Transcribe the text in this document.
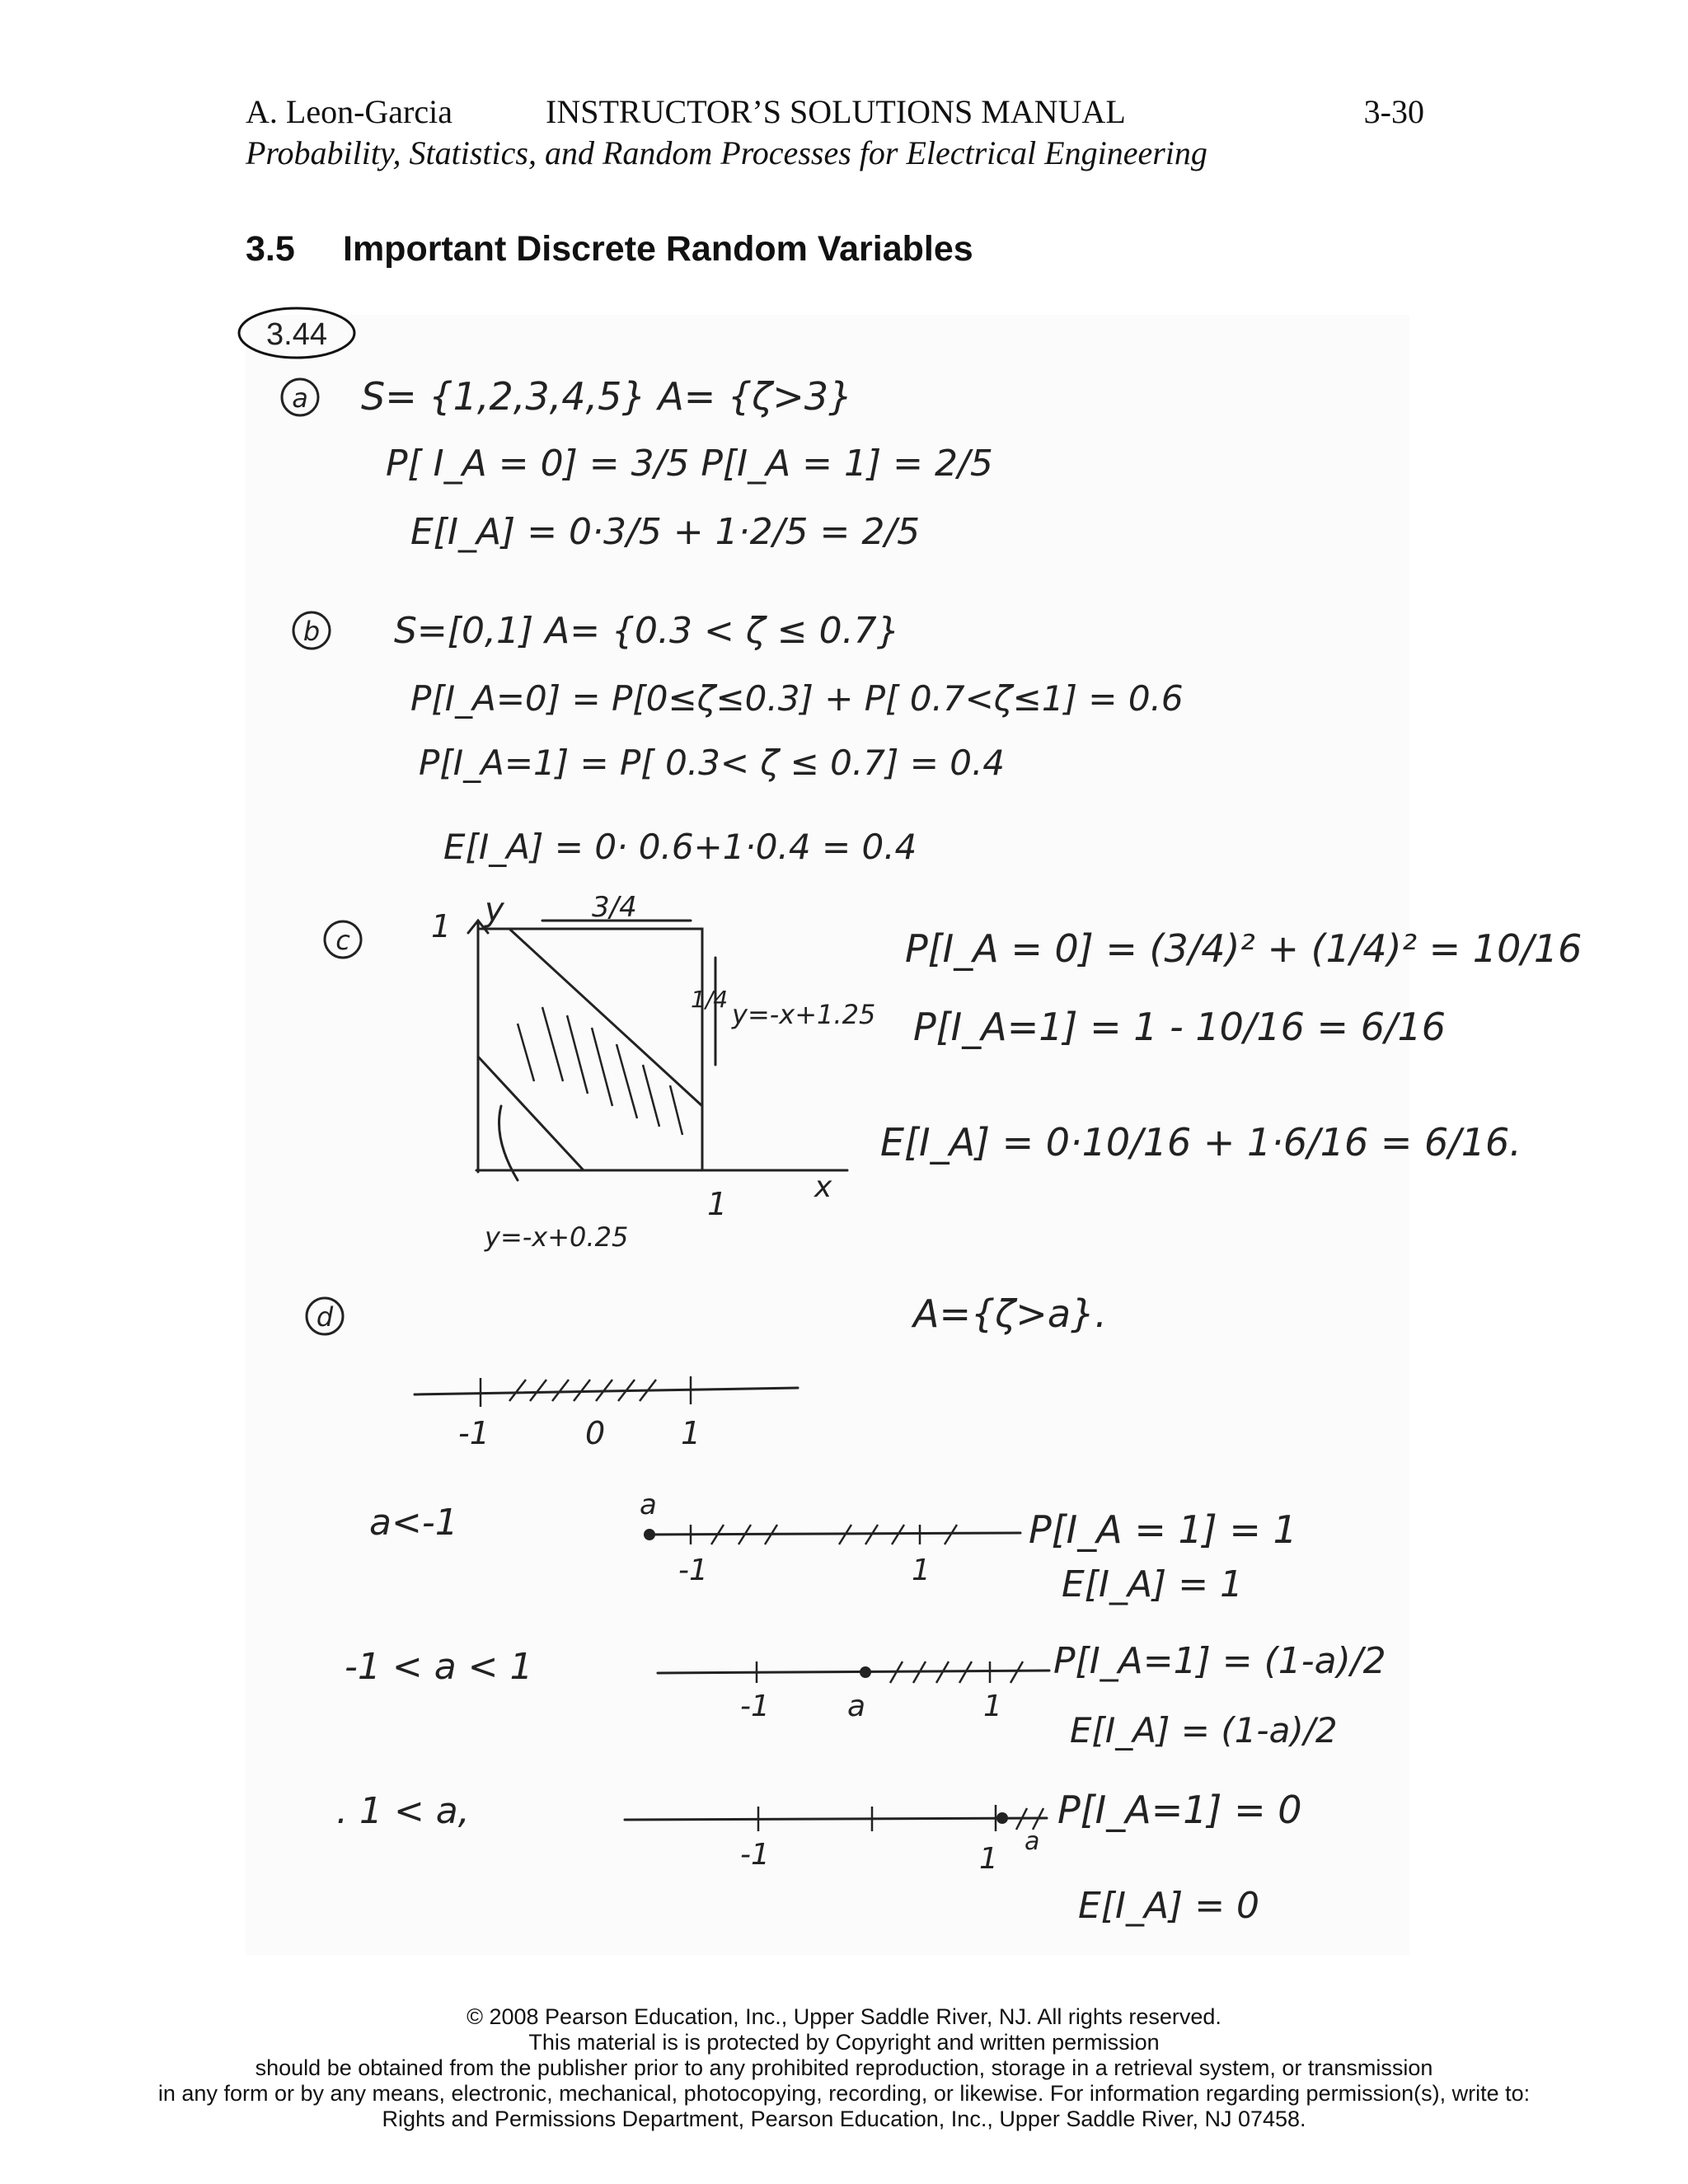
A. Leon-Garcia	INSTRUCTOR’S SOLUTIONS MANUAL	3-30
Probability, Statistics, and Random Processes for Electrical Engineering
3.5 Important Discrete Random Variables
3.44
a S= {1,2,3,4,5} A= {ζ>3}
P[ I_A = 0] = 3/5 P[I_A = 1] = 2/5
E[I_A] = 0·3/5 + 1·2/5 = 2/5
b S=[0,1] A= {0.3 < ζ ≤ 0.7}
P[I_A=0] = P[0≤ζ≤0.3] + P[ 0.7<ζ≤1] = 0.6
P[I_A=1] = P[ 0.3< ζ ≤ 0.7] = 0.4
E[I_A] = 0· 0.6+1·0.4 = 0.4
c
y
x
1
1
3/4
1/4 y=-x+1.25
y=-x+0.25
P[I_A = 0] = (3/4)² + (1/4)² = 10/16
P[I_A=1] = 1 - 10/16 = 6/16
E[I_A] = 0·10/16 + 1·6/16 = 6/16.
d	A={ζ>a}.
-1	0 1
a<-1	a
-1	1
P[I_A = 1] = 1
E[I_A] = 1
-1 < a < 1
-1	a	1
P[I_A=1] = (1-a)/2
E[I_A] = (1-a)/2
. 1 < a,
-1	1
a
P[I_A=1] = 0
E[I_A] = 0
© 2008 Pearson Education, Inc., Upper Saddle River, NJ. All rights reserved.
This material is is protected by Copyright and written permission
should be obtained from the publisher prior to any prohibited reproduction, storage in a retrieval system, or transmission
in any form or by any means, electronic, mechanical, photocopying, recording, or likewise. For information regarding permission(s), write to:
Rights and Permissions Department, Pearson Education, Inc., Upper Saddle River, NJ 07458.
